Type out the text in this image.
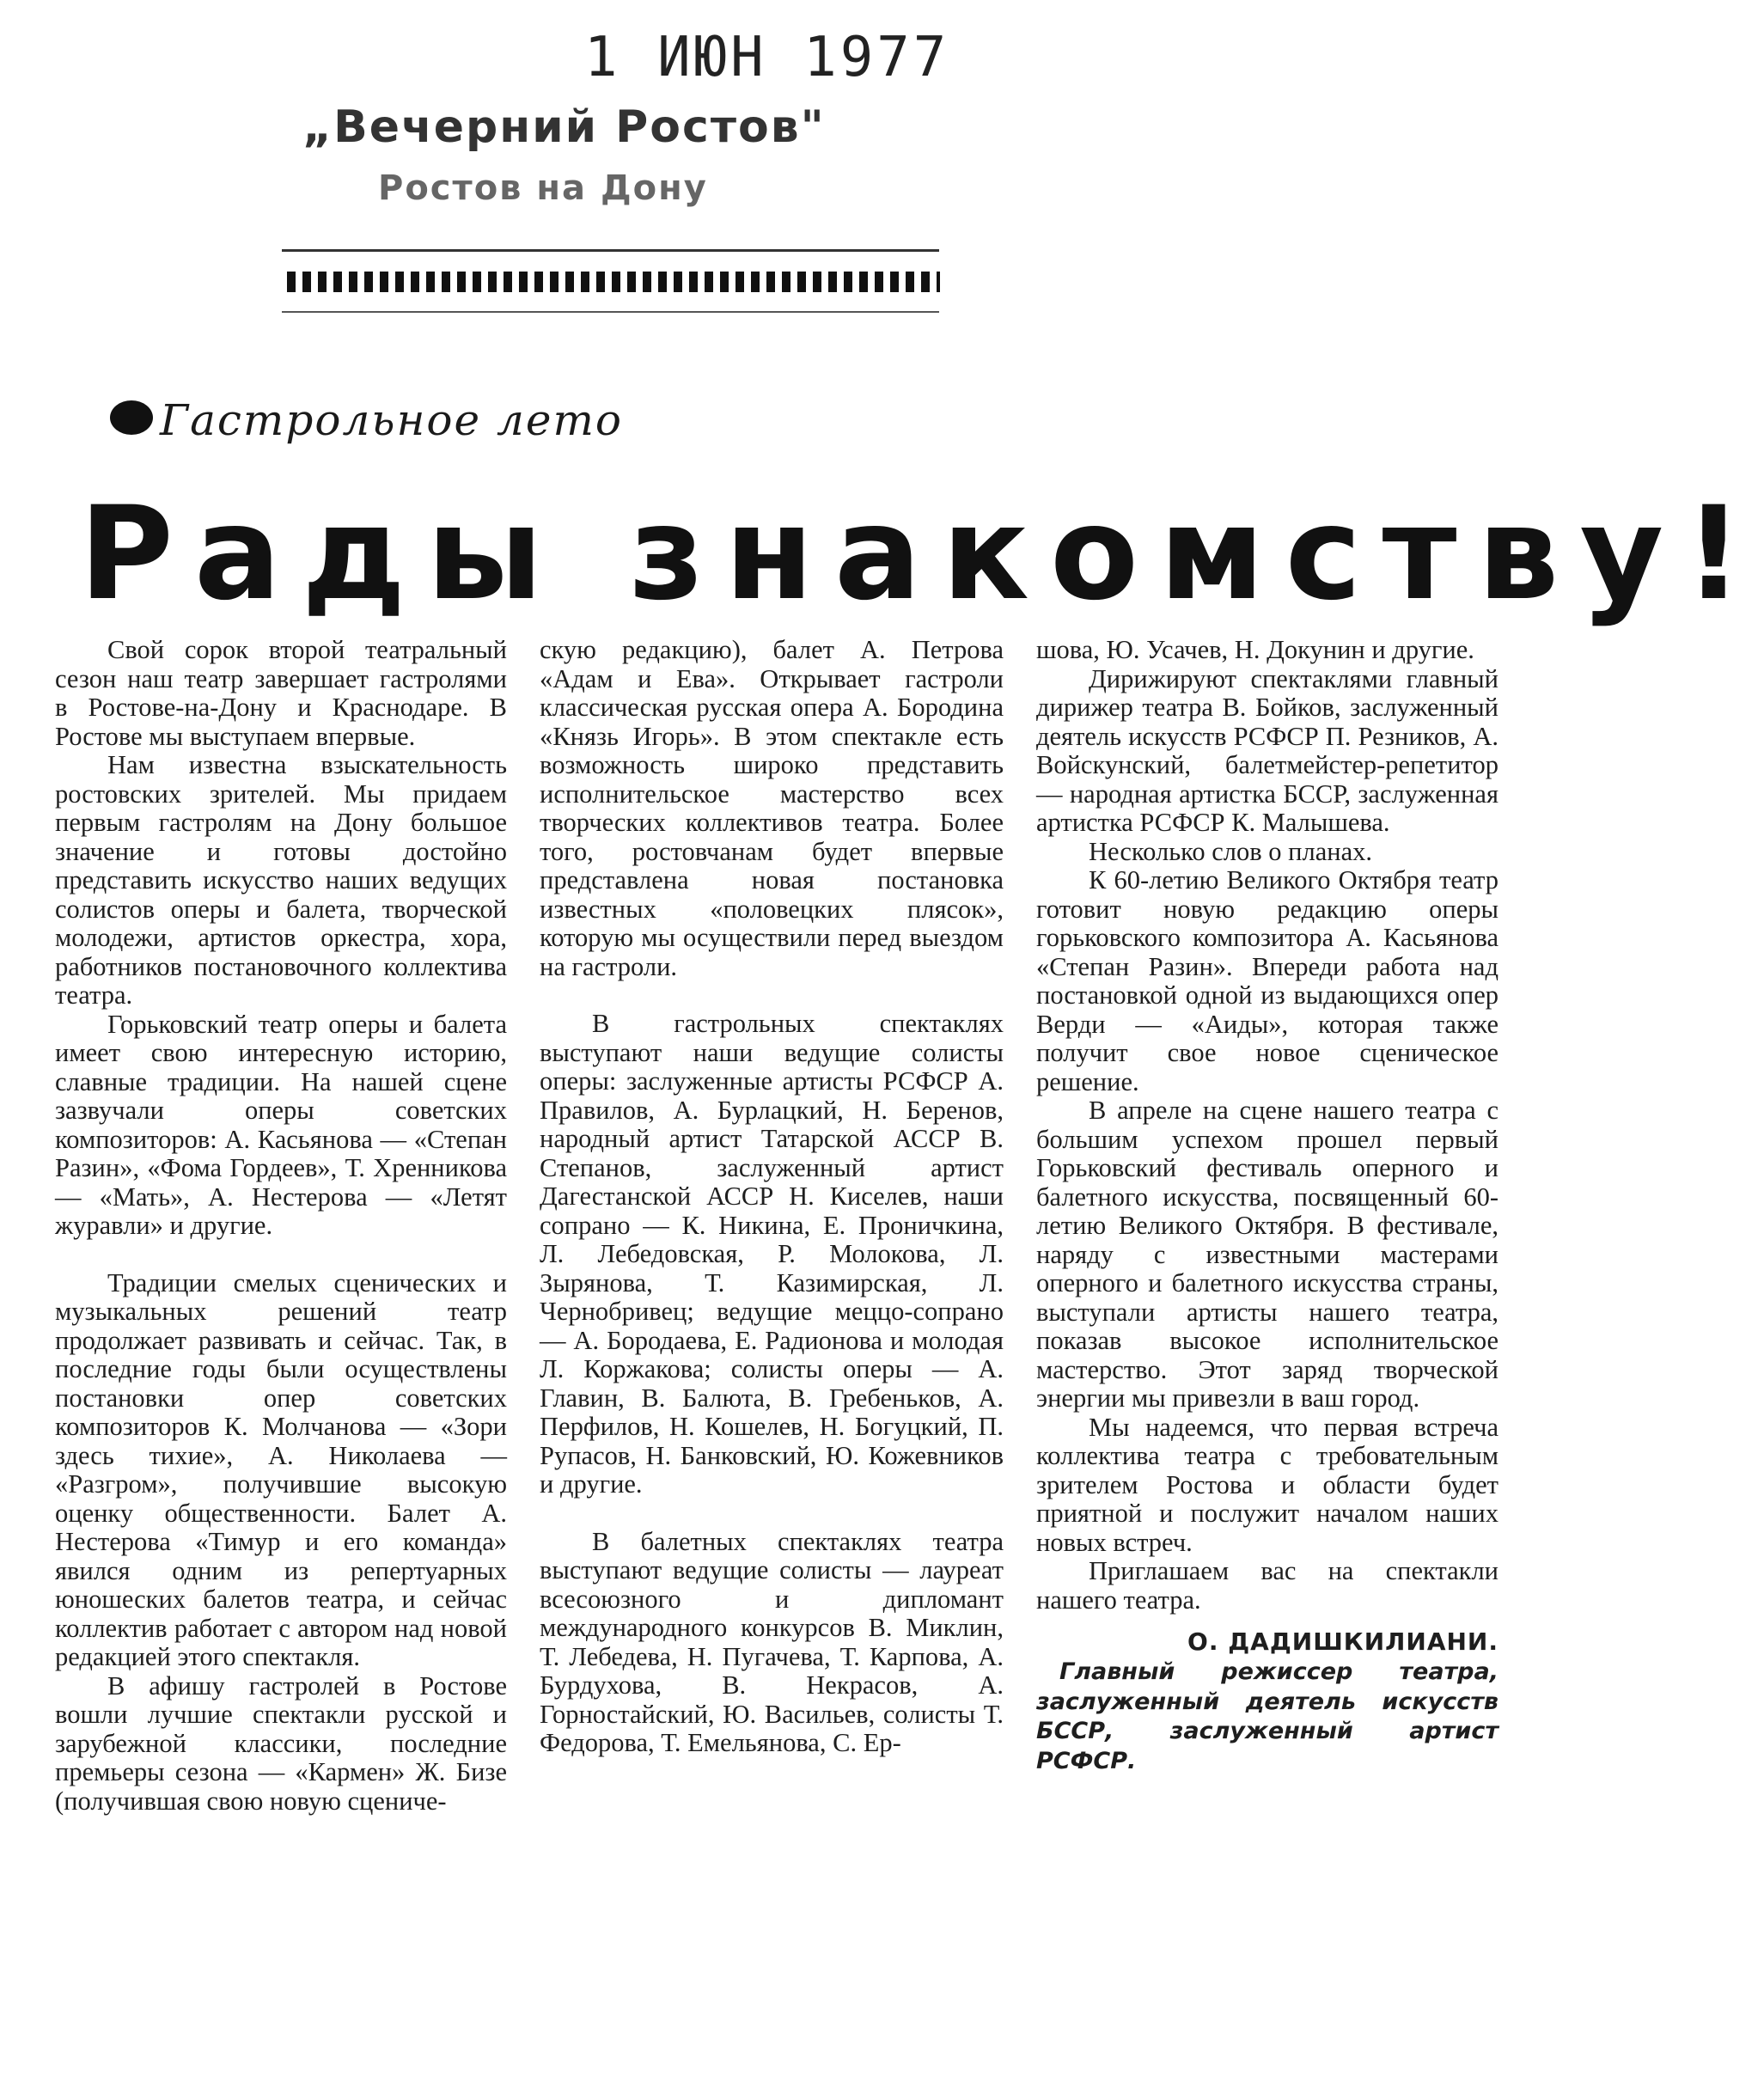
1 ИЮН 1977
„Вечерний Ростов"
Ростов на Дону
Гастрольное лето
Рады знакомству!

Свой сорок второй театральный сезон наш театр завершает гастролями в Ростове-на-Дону и Краснодаре. В Ростове мы выступаем впервые.

Нам известна взыскательность ростовских зрителей. Мы придаем первым гастролям на Дону большое значение и готовы достойно представить искусство наших ведущих солистов оперы и балета, творческой молодежи, артистов оркестра, хора, работников постановочного коллектива театра.

Горьковский театр оперы и балета имеет свою интересную историю, славные традиции. На нашей сцене зазвучали оперы советских композиторов: А. Касьянова — «Степан Разин», «Фома Гордеев», Т. Хренникова — «Мать», А. Нестерова — «Летят журавли» и другие.

Традиции смелых сценических и музыкальных решений театр продолжает развивать и сейчас. Так, в последние годы были осуществлены постановки опер советских композиторов К. Молчанова — «Зори здесь тихие», А. Николаева — «Разгром», получившие высокую оценку общественности. Балет А. Нестерова «Тимур и его команда» явился одним из репертуарных юношеских балетов театра, и сейчас коллектив работает с автором над новой редакцией этого спектакля.

В афишу гастролей в Ростове вошли лучшие спектакли русской и зарубежной классики, последние премьеры сезона — «Кармен» Ж. Бизе (получившая свою новую сцениче-

скую редакцию), балет А. Петрова «Адам и Ева». Открывает гастроли классическая русская опера А. Бородина «Князь Игорь». В этом спектакле есть возможность широко представить исполнительское мастерство всех творческих коллективов театра. Более того, ростовчанам будет впервые представлена новая постановка известных «половецких плясок», которую мы осуществили перед выездом на гастроли.

В гастрольных спектаклях выступают наши ведущие солисты оперы: заслуженные артисты РСФСР А. Правилов, А. Бурлацкий, Н. Беренов, народный артист Татарской АССР В. Степанов, заслуженный артист Дагестанской АССР Н. Киселев, наши сопрано — К. Никина, Е. Проничкина, Л. Лебедовская, Р. Молокова, Л. Зырянова, Т. Казимирская, Л. Чернобривец; ведущие меццо-сопрано — А. Бородаева, Е. Радионова и молодая Л. Коржакова; солисты оперы — А. Главин, В. Балюта, В. Гребеньков, А. Перфилов, Н. Кошелев, Н. Богуцкий, П. Рупасов, Н. Банковский, Ю. Кожевников и другие.

В балетных спектаклях театра выступают ведущие солисты — лауреат всесоюзного и дипломант международного конкурсов В. Миклин, Т. Лебедева, Н. Пугачева, Т. Карпова, А. Бурдухова, В. Некрасов, А. Горностайский, Ю. Васильев, солисты Т. Федорова, Т. Емельянова, С. Ер-

шова, Ю. Усачев, Н. Докунин и другие.

Дирижируют спектаклями главный дирижер театра В. Бойков, заслуженный деятель искусств РСФСР П. Резников, А. Войскунский, балетмейстер-репетитор — народная артистка БССР, заслуженная артистка РСФСР К. Малышева.

Несколько слов о планах.

К 60-летию Великого Октября театр готовит новую редакцию оперы горьковского композитора А. Касьянова «Степан Разин». Впереди работа над постановкой одной из выдающихся опер Верди — «Аиды», которая также получит свое новое сценическое решение.

В апреле на сцене нашего театра с большим успехом прошел первый Горьковский фестиваль оперного и балетного искусства, посвященный 60-летию Великого Октября. В фестивале, наряду с известными мастерами оперного и балетного искусства страны, выступали артисты нашего театра, показав высокое исполнительское мастерство. Этот заряд творческой энергии мы привезли в ваш город.

Мы надеемся, что первая встреча коллектива театра с требовательным зрителем Ростова и области будет приятной и послужит началом наших новых встреч.

Приглашаем вас на спектакли нашего театра.

О. ДАДИШКИЛИАНИ.
Главный режиссер театра, заслуженный деятель искусств БССР, заслуженный артист РСФСР.
